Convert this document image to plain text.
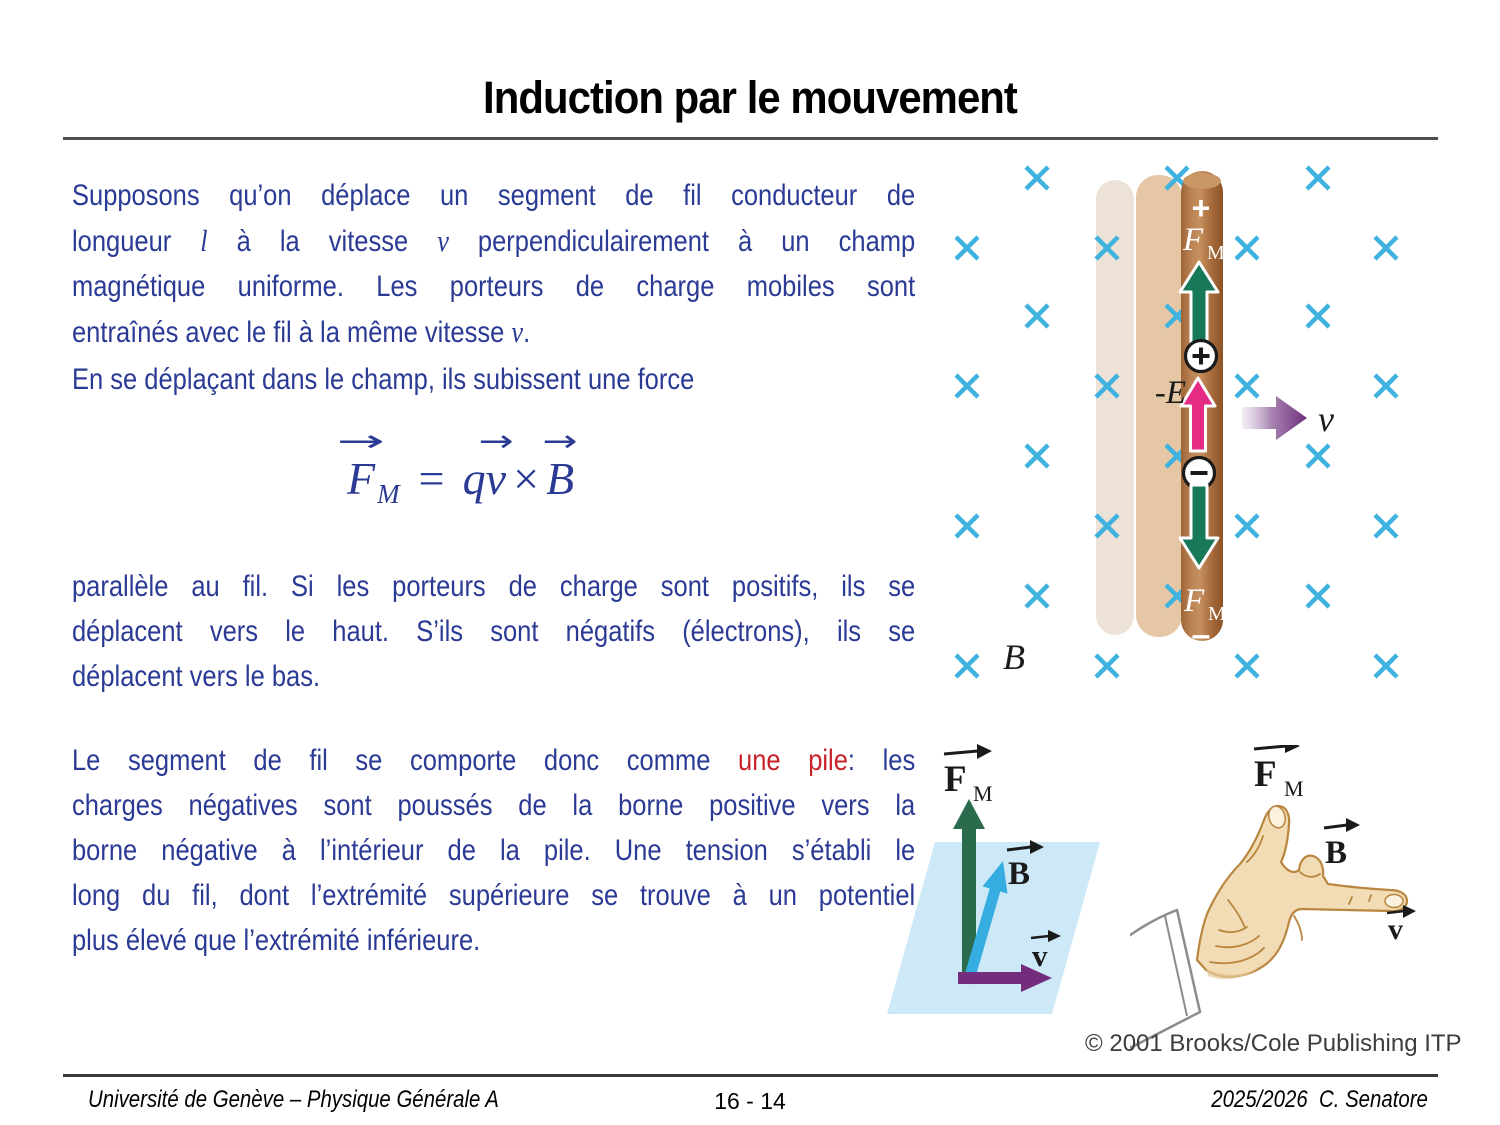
Induction par le mouvement
Supposons qu’on déplace un segment de fil conducteur de
longueur l à la vitesse v perpendiculairement à un champ
magnétique uniforme. Les porteurs de charge mobiles sont
entraînés avec le fil à la même vitesse v.
En se déplaçant dans le champ, ils subissent une force
parallèle au fil. Si les porteurs de charge sont positifs, ils se
déplacent vers le haut. S’ils sont négatifs (électrons), ils se
déplacent vers le bas.
Le segment de fil se comporte donc comme une pile: les
charges négatives sont poussés de la borne positive vers la
borne négative à l’intérieur de la pile. Une tension s’établi le
long du fil, dont l’extrémité supérieure se trouve à un potentiel
plus élevé que l’extrémité inférieure.
→
F M = q
→
v ×
→
B
+
F M
-E
F M
–
B
v
F M
B
v
F M
B
v
© 2001 Brooks/Cole Publishing ITP
Université de Genève – Physique Générale A	16 - 14	2025/2026  C. Senatore
